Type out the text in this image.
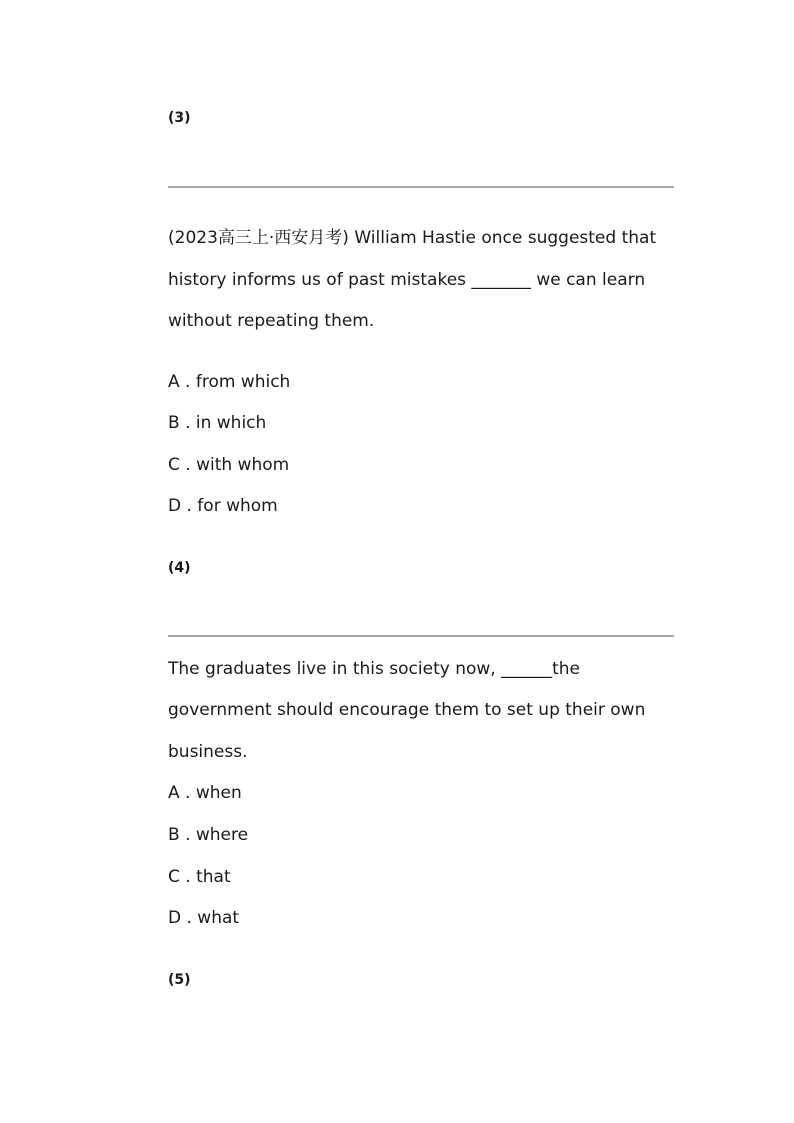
(3)
(2023高三上·西安月考) William Hastie once suggested that
history informs us of past mistakes _______ we can learn
without repeating them.
A . from which
B . in which
C . with whom
D . for whom
(4)
The graduates live in this society now, ______the
government should encourage them to set up their own
business.
A . when
B . where
C . that
D . what
(5)
